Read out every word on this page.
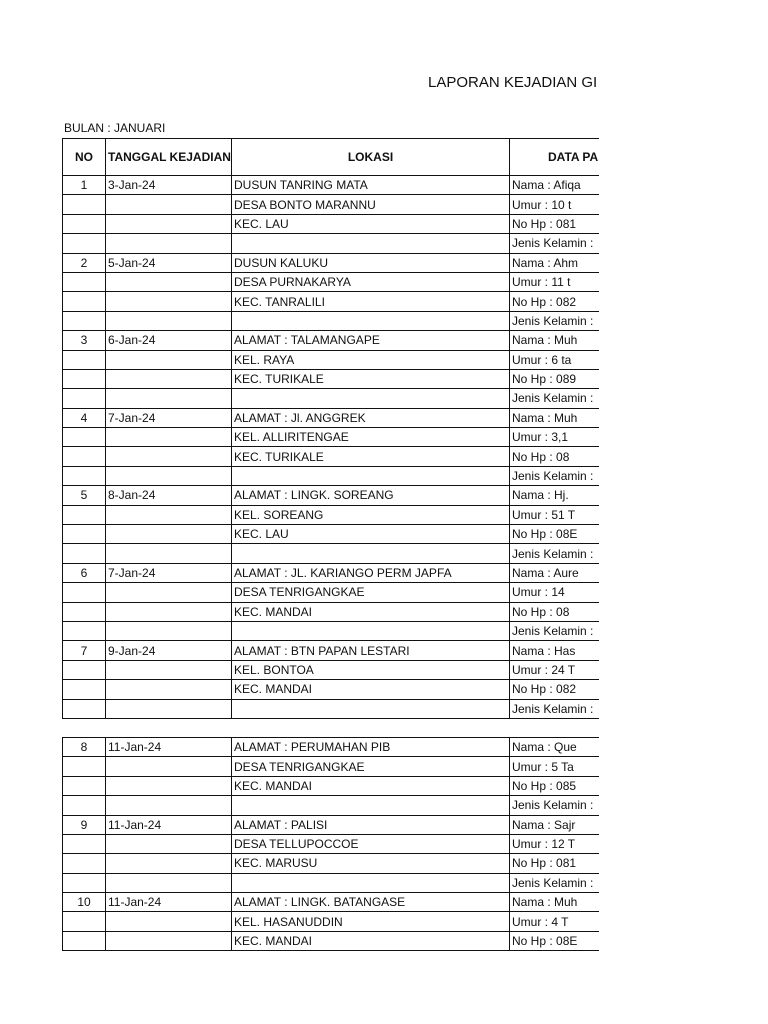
LAPORAN KEJADIAN GI
BULAN : JANUARI
NO	TANGGAL KEJADIAN	LOKASI	DATA PA
1	3-Jan-24	DUSUN TANRING MATA	Nama : Afiqa
		DESA BONTO MARANNU	Umur : 10 t
		KEC. LAU	No Hp : 081
			Jenis Kelamin :
2	5-Jan-24	DUSUN KALUKU	Nama : Ahm
		DESA PURNAKARYA	Umur : 11 t
		KEC. TANRALILI	No Hp : 082
			Jenis Kelamin :
3	6-Jan-24	ALAMAT : TALAMANGAPE	Nama : Muh
		KEL. RAYA	Umur : 6 ta
		KEC. TURIKALE	No Hp : 089
			Jenis Kelamin :
4	7-Jan-24	ALAMAT : Jl. ANGGREK	Nama : Muh
		KEL. ALLIRITENGAE	Umur : 3,1
		KEC. TURIKALE	No Hp : 08
			Jenis Kelamin :
5	8-Jan-24	ALAMAT : LINGK. SOREANG	Nama : Hj.
		KEL. SOREANG	Umur : 51 T
		KEC. LAU	No Hp : 08E
			Jenis Kelamin :
6	7-Jan-24	ALAMAT : JL. KARIANGO PERM JAPFA	Nama : Aure
		DESA TENRIGANGKAE	Umur : 14
		KEC. MANDAI	No Hp : 08
			Jenis Kelamin :
7	9-Jan-24	ALAMAT : BTN PAPAN LESTARI	Nama : Has
		KEL. BONTOA	Umur : 24 T
		KEC. MANDAI	No Hp : 082
			Jenis Kelamin :

8	11-Jan-24	ALAMAT : PERUMAHAN PIB	Nama : Que
		DESA TENRIGANGKAE	Umur : 5 Ta
		KEC. MANDAI	No Hp : 085
			Jenis Kelamin :
9	11-Jan-24	ALAMAT : PALISI	Nama : Sajr
		DESA TELLUPOCCOE	Umur : 12 T
		KEC. MARUSU	No Hp : 081
			Jenis Kelamin :
10	11-Jan-24	ALAMAT : LINGK. BATANGASE	Nama : Muh
		KEL. HASANUDDIN	Umur : 4 T
		KEC. MANDAI	No Hp : 08E
